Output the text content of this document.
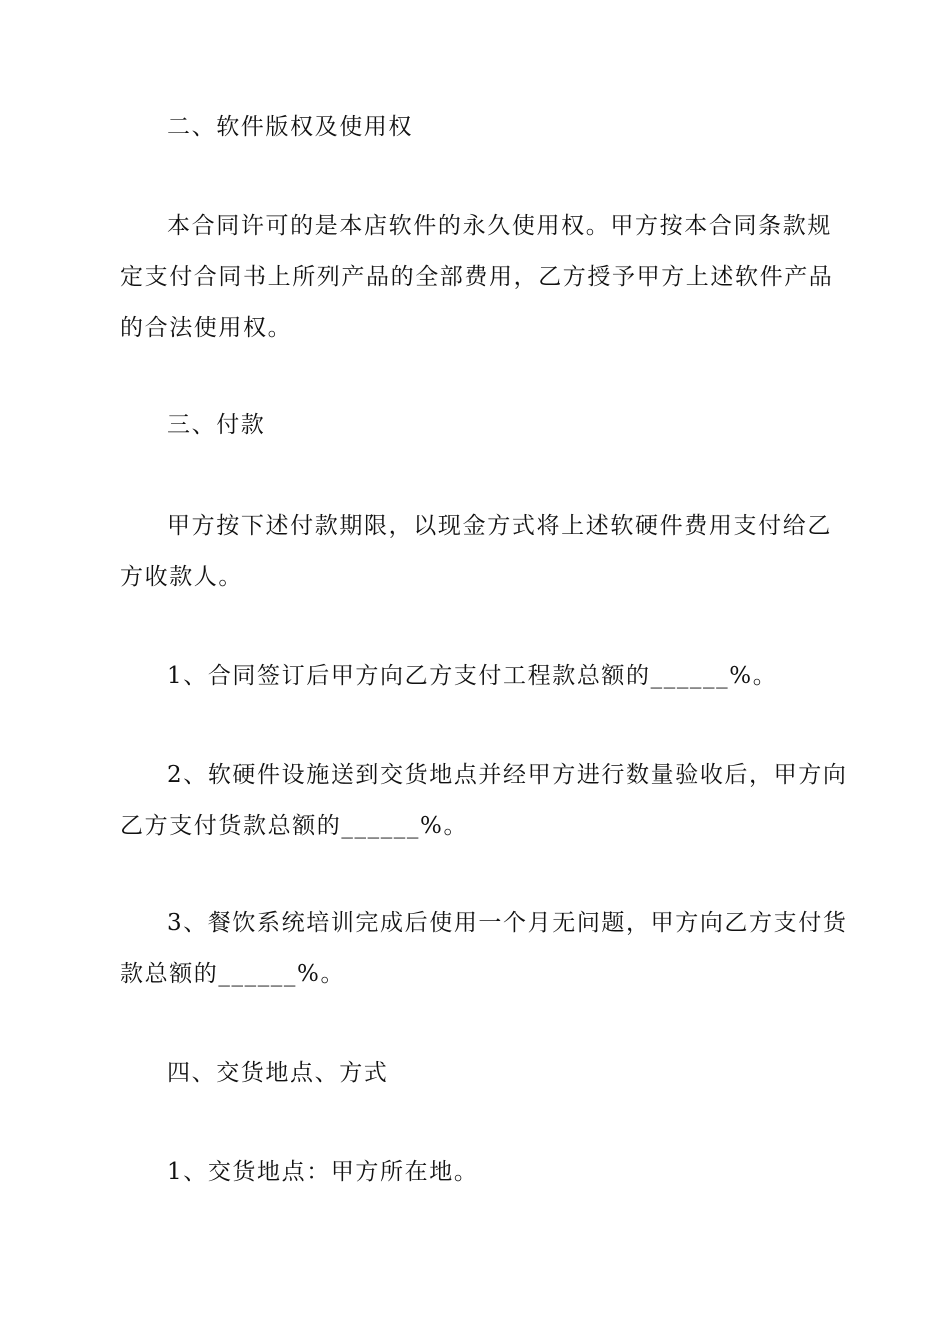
二、软件版权及使用权
本合同许可的是本店软件的永久使用权。甲方按本合同条款规
定支付合同书上所列产品的全部费用，乙方授予甲方上述软件产品
的合法使用权。
三、付款
甲方按下述付款期限，以现金方式将上述软硬件费用支付给乙
方收款人。
1、合同签订后甲方向乙方支付工程款总额的______%。
2、软硬件设施送到交货地点并经甲方进行数量验收后，甲方向
乙方支付货款总额的______%。
3、餐饮系统培训完成后使用一个月无问题，甲方向乙方支付货
款总额的______%。
四、交货地点、方式
1、交货地点：甲方所在地。
